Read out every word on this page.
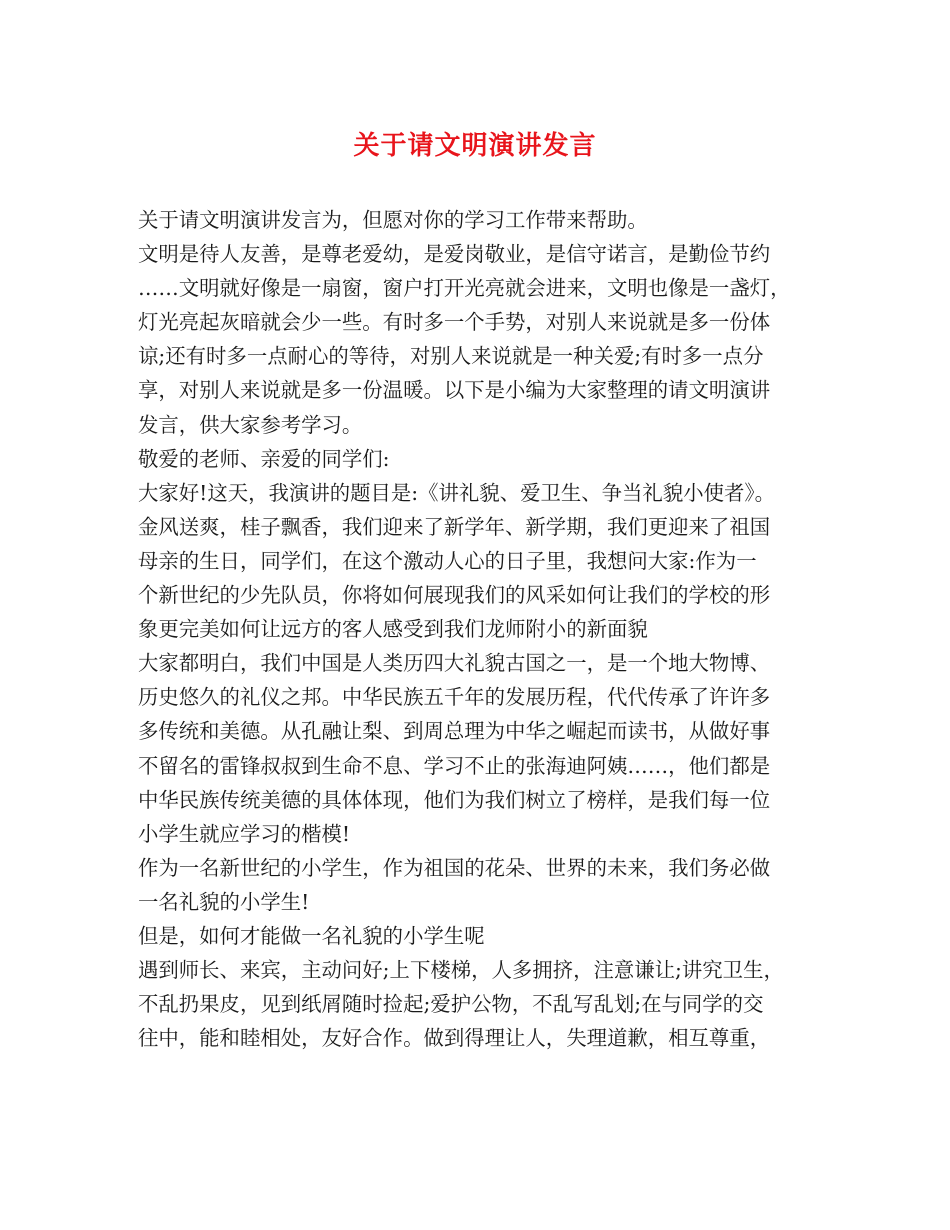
关于请文明演讲发言
关于请文明演讲发言为，但愿对你的学习工作带来帮助。
文明是待人友善，是尊老爱幼，是爱岗敬业，是信守诺言，是勤俭节约
……文明就好像是一扇窗，窗户打开光亮就会进来，文明也像是一盏灯，
灯光亮起灰暗就会少一些。有时多一个手势，对别人来说就是多一份体
谅;还有时多一点耐心的等待，对别人来说就是一种关爱;有时多一点分
享，对别人来说就是多一份温暖。以下是小编为大家整理的请文明演讲
发言，供大家参考学习。
敬爱的老师、亲爱的同学们:
大家好!这天，我演讲的题目是:《讲礼貌、爱卫生、争当礼貌小使者》。
金风送爽，桂子飘香，我们迎来了新学年、新学期，我们更迎来了祖国
母亲的生日，同学们，在这个激动人心的日子里，我想问大家:作为一
个新世纪的少先队员，你将如何展现我们的风采如何让我们的学校的形
象更完美如何让远方的客人感受到我们龙师附小的新面貌
大家都明白，我们中国是人类历四大礼貌古国之一，是一个地大物博、
历史悠久的礼仪之邦。中华民族五千年的发展历程，代代传承了许许多
多传统和美德。从孔融让梨、到周总理为中华之崛起而读书，从做好事
不留名的雷锋叔叔到生命不息、学习不止的张海迪阿姨……，他们都是
中华民族传统美德的具体体现，他们为我们树立了榜样，是我们每一位
小学生就应学习的楷模!
作为一名新世纪的小学生，作为祖国的花朵、世界的未来，我们务必做
一名礼貌的小学生!
但是，如何才能做一名礼貌的小学生呢
遇到师长、来宾，主动问好;上下楼梯，人多拥挤，注意谦让;讲究卫生，
不乱扔果皮，见到纸屑随时捡起;爱护公物，不乱写乱划;在与同学的交
往中，能和睦相处，友好合作。做到得理让人，失理道歉，相互尊重，
